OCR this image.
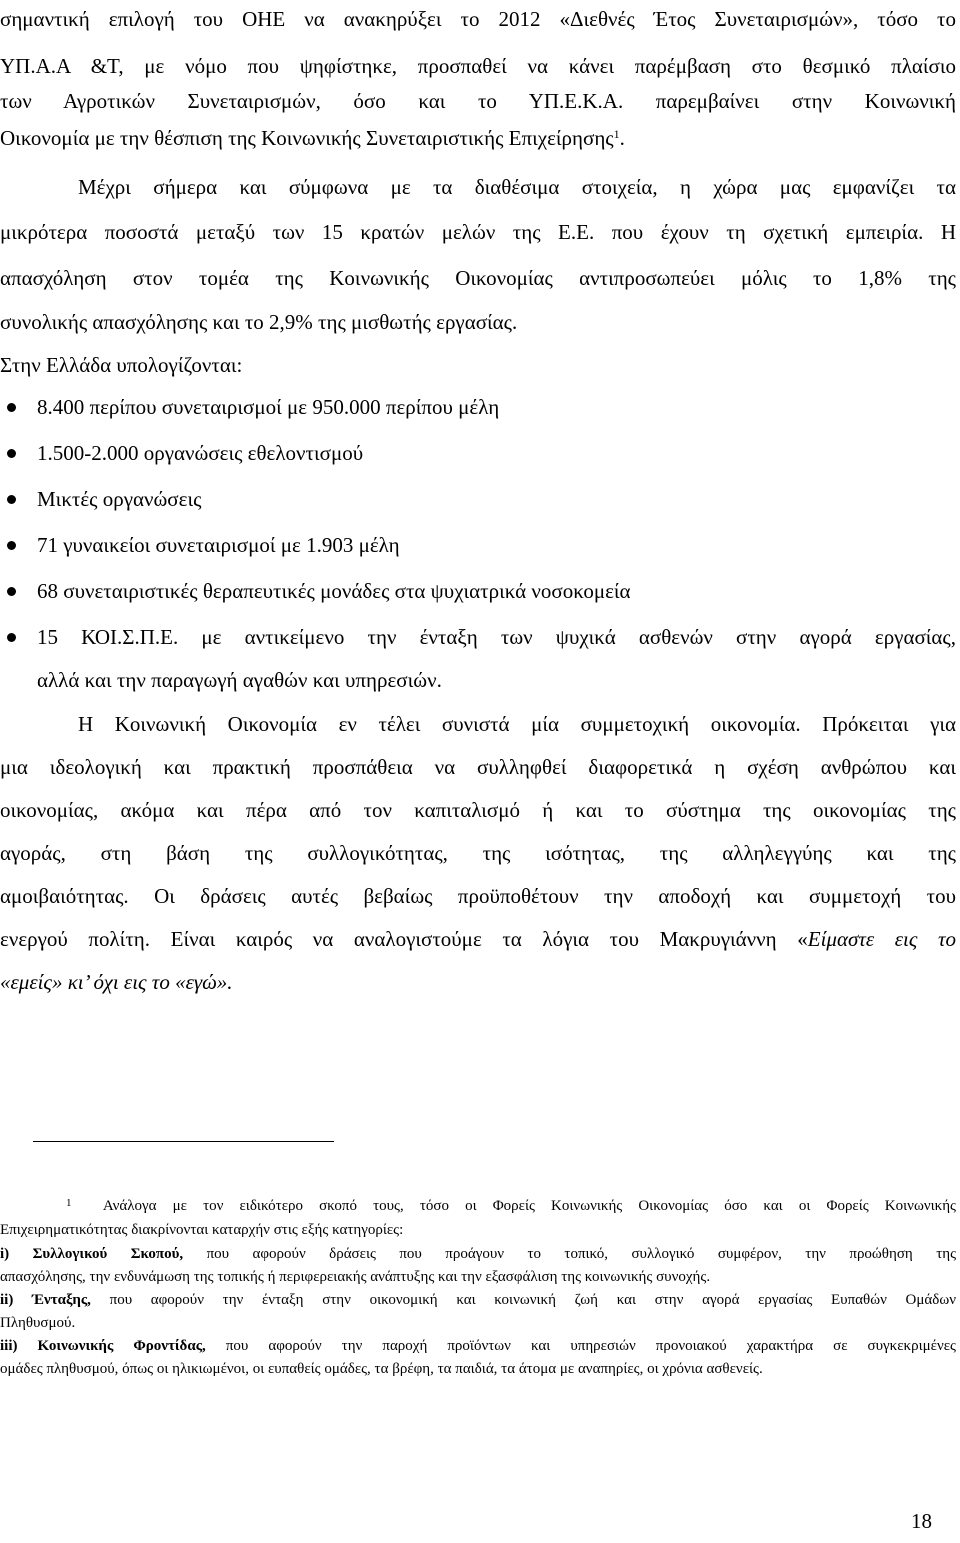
σημαντική επιλογή του ΟΗΕ να ανακηρύξει το 2012 «Διεθνές Έτος Συνεταιρισμών», τόσο το
ΥΠ.Α.Α &Τ, με νόμο που ψηφίστηκε, προσπαθεί να κάνει παρέμβαση στο θεσμικό πλαίσιο
των Αγροτικών Συνεταιρισμών, όσο και το ΥΠ.Ε.Κ.Α. παρεμβαίνει στην Κοινωνική
Οικονομία με την θέσπιση της Κοινωνικής Συνεταιριστικής Επιχείρησης$^1$.
Μέχρι σήμερα και σύμφωνα με τα διαθέσιμα στοιχεία, η χώρα μας εμφανίζει τα
μικρότερα ποσοστά μεταξύ των 15 κρατών μελών της Ε.Ε. που έχουν τη σχετική εμπειρία. Η
απασχόληση στον τομέα της Κοινωνικής Οικονομίας αντιπροσωπεύει μόλις το 1,8% της
συνολικής απασχόλησης και το 2,9% της μισθωτής εργασίας.
Στην Ελλάδα υπολογίζονται:
8.400 περίπου συνεταιρισμοί με 950.000 περίπου μέλη
1.500-2.000 οργανώσεις εθελοντισμού
Μικτές οργανώσεις
71 γυναικείοι συνεταιρισμοί με 1.903 μέλη
68 συνεταιριστικές θεραπευτικές μονάδες στα ψυχιατρικά νοσοκομεία
15 ΚΟΙ.Σ.Π.Ε. με αντικείμενο την ένταξη των ψυχικά ασθενών στην αγορά εργασίας,
αλλά και την παραγωγή αγαθών και υπηρεσιών.
Η Κοινωνική Οικονομία εν τέλει συνιστά μία συμμετοχική οικονομία. Πρόκειται για
μια ιδεολογική και πρακτική προσπάθεια να συλληφθεί διαφορετικά η σχέση ανθρώπου και
οικονομίας, ακόμα και πέρα από τον καπιταλισμό ή και το σύστημα της οικονομίας της
αγοράς, στη βάση της συλλογικότητας, της ισότητας, της αλληλεγγύης και της
αμοιβαιότητας. Οι δράσεις αυτές βεβαίως προϋποθέτουν την αποδοχή και συμμετοχή του
ενεργού πολίτη. Είναι καιρός να αναλογιστούμε τα λόγια του Μακρυγιάννη «Είμαστε εις το
«εμείς» κι’ όχι εις το «εγώ».
$^1$ Ανάλογα με τον ειδικότερο σκοπό τους, τόσο οι Φορείς Κοινωνικής Οικονομίας όσο και οι Φορείς Κοινωνικής
Επιχειρηματικότητας διακρίνονται καταρχήν στις εξής κατηγορίες:
i) Συλλογικού Σκοπού, που αφορούν δράσεις που προάγουν το τοπικό, συλλογικό συμφέρον, την προώθηση της
απασχόλησης, την ενδυνάμωση της τοπικής ή περιφερειακής ανάπτυξης και την εξασφάλιση της κοινωνικής συνοχής.
ii) Ένταξης, που αφορούν την ένταξη στην οικονομική και κοινωνική ζωή και στην αγορά εργασίας Ευπαθών Ομάδων
Πληθυσμού.
iii) Κοινωνικής Φροντίδας, που αφορούν την παροχή προϊόντων και υπηρεσιών προνοιακού χαρακτήρα σε συγκεκριμένες
ομάδες πληθυσμού, όπως οι ηλικιωμένοι, οι ευπαθείς ομάδες, τα βρέφη, τα παιδιά, τα άτομα με αναπηρίες, οι χρόνια ασθενείς.
18
